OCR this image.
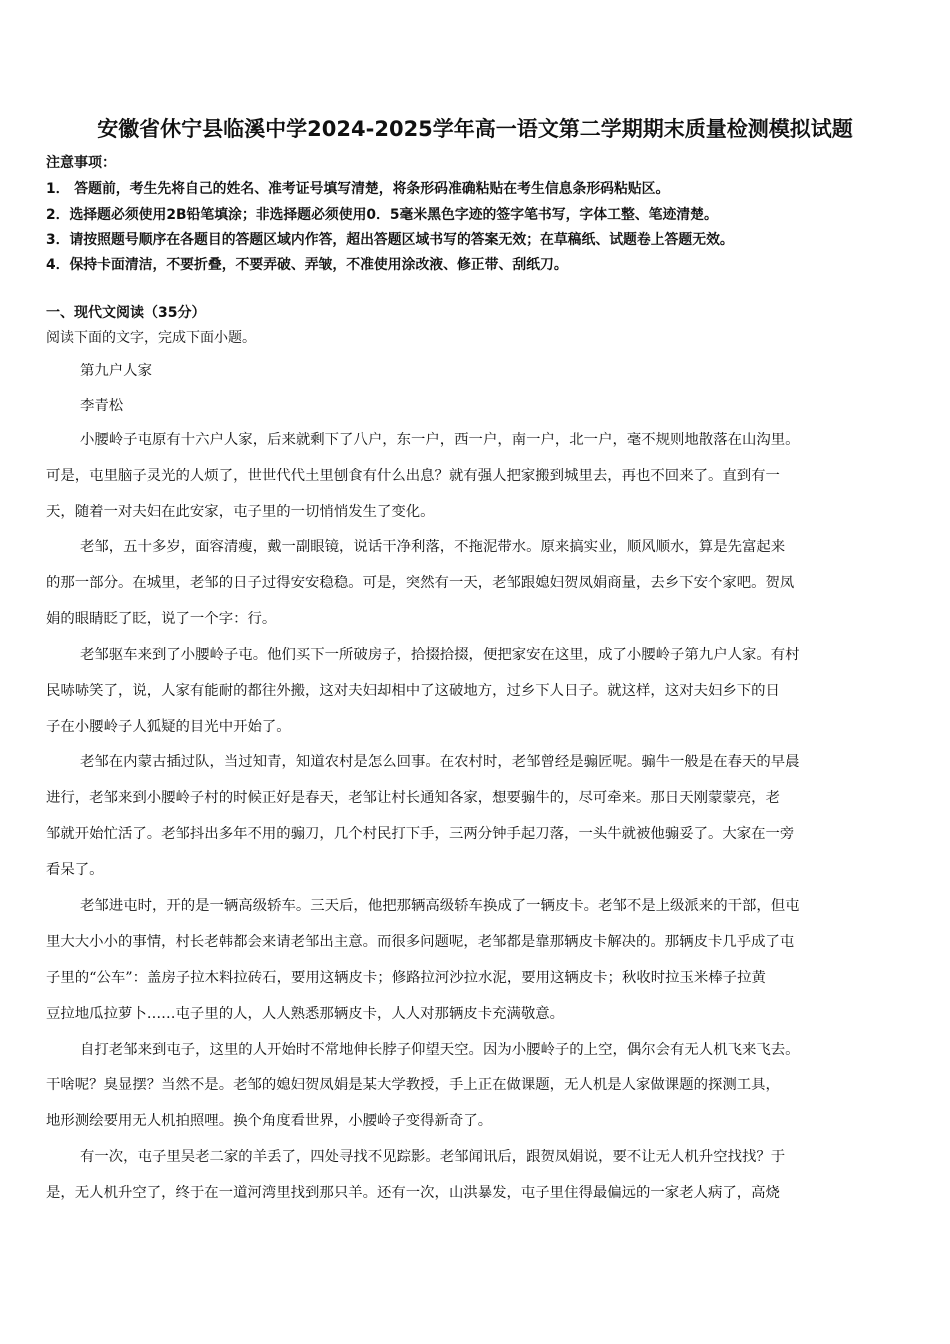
安徽省休宁县临溪中学2024-2025学年高一语文第二学期期末质量检测模拟试题
注意事项：
1． 答题前，考生先将自己的姓名、准考证号填写清楚，将条形码准确粘贴在考生信息条形码粘贴区。
2．选择题必须使用2B铅笔填涂；非选择题必须使用0．5毫米黑色字迹的签字笔书写，字体工整、笔迹清楚。
3．请按照题号顺序在各题目的答题区域内作答，超出答题区域书写的答案无效；在草稿纸、试题卷上答题无效。
4．保持卡面清洁，不要折叠，不要弄破、弄皱，不准使用涂改液、修正带、刮纸刀。
一、现代文阅读（35分）
阅读下面的文字，完成下面小题。
第九户人家
李青松
小腰岭子屯原有十六户人家，后来就剩下了八户，东一户，西一户，南一户，北一户，毫不规则地散落在山沟里。
可是，屯里脑子灵光的人烦了，世世代代土里刨食有什么出息？就有强人把家搬到城里去，再也不回来了。直到有一
天，随着一对夫妇在此安家，屯子里的一切悄悄发生了变化。
老邹，五十多岁，面容清瘦，戴一副眼镜，说话干净利落，不拖泥带水。原来搞实业，顺风顺水，算是先富起来
的那一部分。在城里，老邹的日子过得安安稳稳。可是，突然有一天，老邹跟媳妇贺凤娟商量，去乡下安个家吧。贺凤
娟的眼睛眨了眨，说了一个字：行。
老邹驱车来到了小腰岭子屯。他们买下一所破房子，拾掇拾掇，便把家安在这里，成了小腰岭子第九户人家。有村
民哧哧笑了，说，人家有能耐的都往外搬，这对夫妇却相中了这破地方，过乡下人日子。就这样，这对夫妇乡下的日
子在小腰岭子人狐疑的目光中开始了。
老邹在内蒙古插过队，当过知青，知道农村是怎么回事。在农村时，老邹曾经是骟匠呢。骟牛一般是在春天的早晨
进行，老邹来到小腰岭子村的时候正好是春天，老邹让村长通知各家，想要骟牛的，尽可牵来。那日天刚蒙蒙亮，老
邹就开始忙活了。老邹抖出多年不用的骟刀，几个村民打下手，三两分钟手起刀落，一头牛就被他骟妥了。大家在一旁
看呆了。
老邹进屯时，开的是一辆高级轿车。三天后，他把那辆高级轿车换成了一辆皮卡。老邹不是上级派来的干部，但屯
里大大小小的事情，村长老韩都会来请老邹出主意。而很多问题呢，老邹都是靠那辆皮卡解决的。那辆皮卡几乎成了屯
子里的“公车”：盖房子拉木料拉砖石，要用这辆皮卡；修路拉河沙拉水泥，要用这辆皮卡；秋收时拉玉米棒子拉黄
豆拉地瓜拉萝卜……屯子里的人，人人熟悉那辆皮卡，人人对那辆皮卡充满敬意。
自打老邹来到屯子，这里的人开始时不常地伸长脖子仰望天空。因为小腰岭子的上空，偶尔会有无人机飞来飞去。
干啥呢？臭显摆？当然不是。老邹的媳妇贺凤娟是某大学教授，手上正在做课题，无人机是人家做课题的探测工具，
地形测绘要用无人机拍照哩。换个角度看世界，小腰岭子变得新奇了。
有一次，屯子里吴老二家的羊丢了，四处寻找不见踪影。老邹闻讯后，跟贺凤娟说，要不让无人机升空找找？于
是，无人机升空了，终于在一道河湾里找到那只羊。还有一次，山洪暴发，屯子里住得最偏远的一家老人病了，高烧
